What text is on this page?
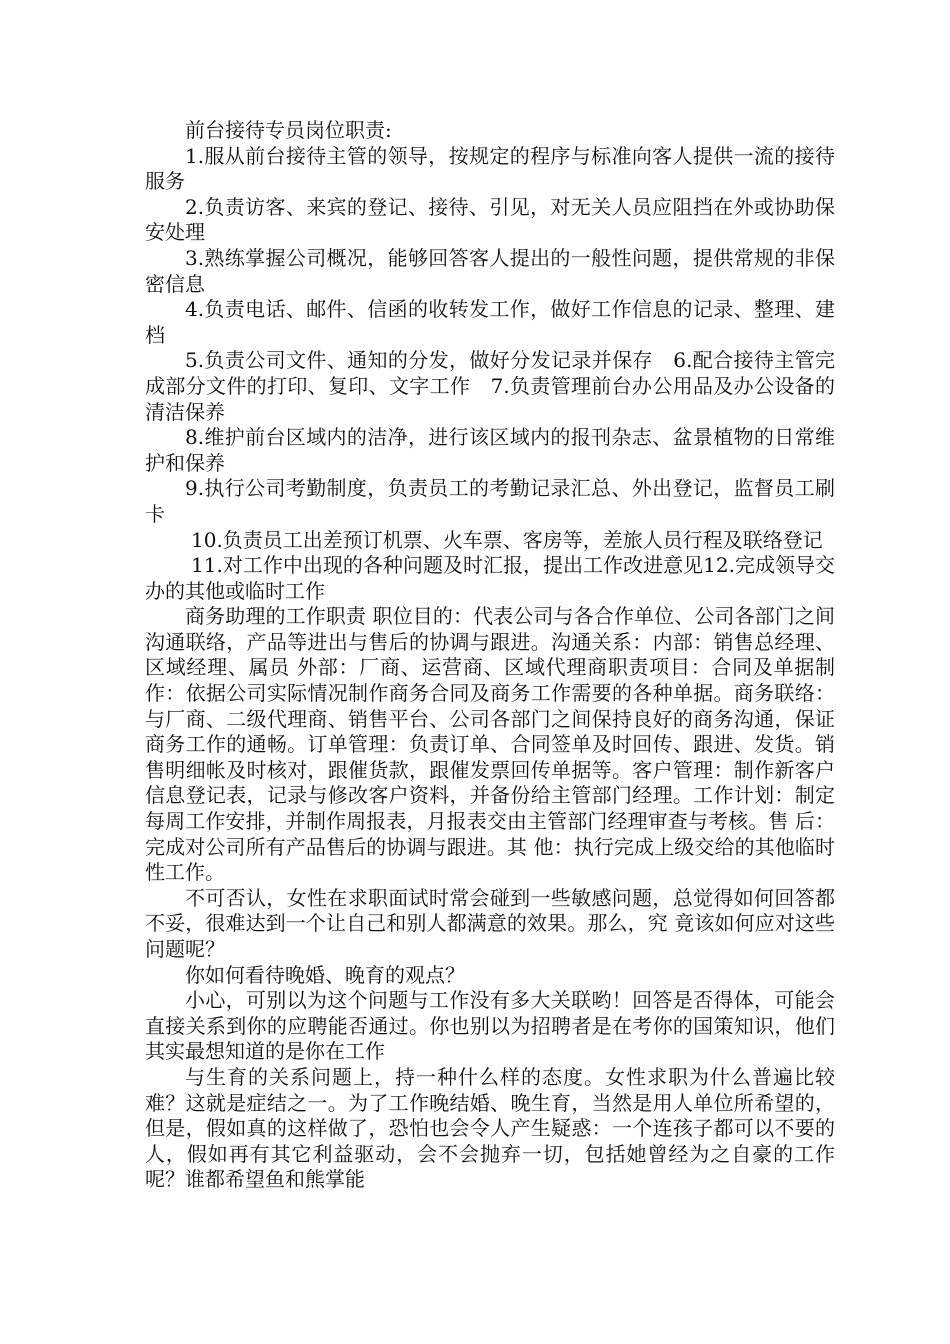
前台接待专员岗位职责:

1.服从前台接待主管的领导，按规定的程序与标准向客人提供一流的接待服务

2.负责访客、来宾的登记、接待、引见，对无关人员应阻挡在外或协助保安处理

3.熟练掌握公司概况，能够回答客人提出的一般性问题，提供常规的非保密信息

4.负责电话、邮件、信函的收转发工作，做好工作信息的记录、整理、建档

5.负责公司文件、通知的分发，做好分发记录并保存　6.配合接待主管完成部分文件的打印、复印、文字工作　7.负责管理前台办公用品及办公设备的清洁保养

8.维护前台区域内的洁净，进行该区域内的报刊杂志、盆景植物的日常维护和保养

9.执行公司考勤制度，负责员工的考勤记录汇总、外出登记，监督员工刷卡

10.负责员工出差预订机票、火车票、客房等，差旅人员行程及联络登记

11.对工作中出现的各种问题及时汇报，提出工作改进意见12.完成领导交办的其他或临时工作

商务助理的工作职责 职位目的：代表公司与各合作单位、公司各部门之间沟通联络，产品等进出与售后的协调与跟进。沟通关系：内部：销售总经理、区域经理、属员 外部：厂商、运营商、区域代理商职责项目：合同及单据制作：依据公司实际情况制作商务合同及商务工作需要的各种单据。商务联络：与厂商、二级代理商、销售平台、公司各部门之间保持良好的商务沟通，保证商务工作的通畅。订单管理：负责订单、合同签单及时回传、跟进、发货。销售明细帐及时核对，跟催货款，跟催发票回传单据等。客户管理：制作新客户信息登记表，记录与修改客户资料，并备份给主管部门经理。工作计划：制定每周工作安排，并制作周报表，月报表交由主管部门经理审查与考核。售 后：完成对公司所有产品售后的协调与跟进。其 他：执行完成上级交给的其他临时性工作。

不可否认，女性在求职面试时常会碰到一些敏感问题，总觉得如何回答都不妥，很难达到一个让自己和别人都满意的效果。那么，究 竟该如何应对这些问题呢？

你如何看待晚婚、晚育的观点？

小心，可别以为这个问题与工作没有多大关联哟！回答是否得体，可能会直接关系到你的应聘能否通过。你也别以为招聘者是在考你的国策知识，他们其实最想知道的是你在工作

与生育的关系问题上，持一种什么样的态度。女性求职为什么普遍比较难？这就是症结之一。为了工作晚结婚、晚生育，当然是用人单位所希望的，但是，假如真的这样做了，恐怕也会令人产生疑惑：一个连孩子都可以不要的人，假如再有其它利益驱动，会不会抛弃一切，包括她曾经为之自豪的工作呢？谁都希望鱼和熊掌能
